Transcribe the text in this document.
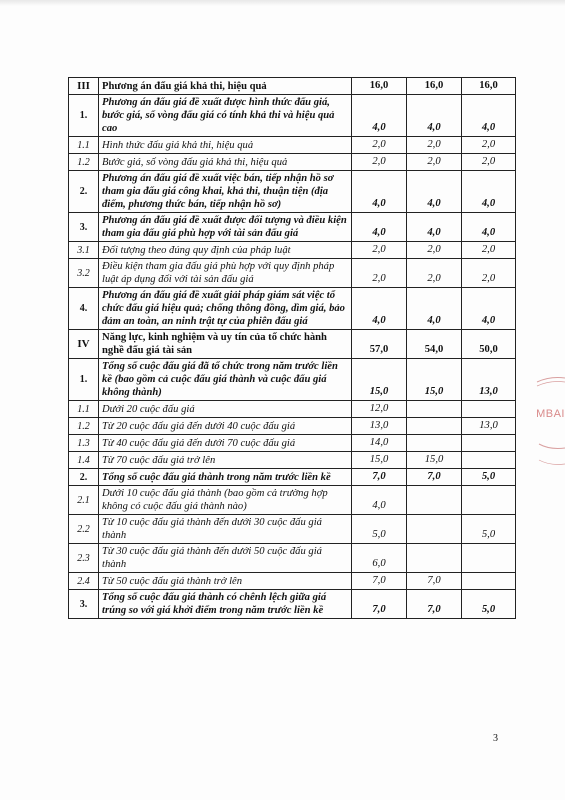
III	Phương án đấu giá khả thi, hiệu quả	16,0	16,0	16,0
1.	Phương án đấu giá đề xuất được hình thức đấu giá, bước giá, số vòng đấu giá có tính khả thi và hiệu quả cao	4,0	4,0	4,0
1.1	Hình thức đấu giá khả thi, hiệu quả	2,0	2,0	2,0
1.2	Bước giá, số vòng đấu giá khả thi, hiệu quả	2,0	2,0	2,0
2.	Phương án đấu giá đề xuất việc bán, tiếp nhận hồ sơ tham gia đấu giá công khai, khả thi, thuận tiện (địa điểm, phương thức bán, tiếp nhận hồ sơ)	4,0	4,0	4,0
3.	Phương án đấu giá đề xuất được đối tượng và điều kiện tham gia đấu giá phù hợp với tài sản đấu giá	4,0	4,0	4,0
3.1	Đối tượng theo đúng quy định của pháp luật	2,0	2,0	2,0
3.2	Điều kiện tham gia đấu giá phù hợp với quy định pháp luật áp dụng đối với tài sản đấu giá	2,0	2,0	2,0
4.	Phương án đấu giá đề xuất giải pháp giám sát việc tổ chức đấu giá hiệu quả; chống thông đồng, dìm giá, bảo đảm an toàn, an ninh trật tự của phiên đấu giá	4,0	4,0	4,0
IV	Năng lực, kinh nghiệm và uy tín của tổ chức hành nghề đấu giá tài sản	57,0	54,0	50,0
1.	Tổng số cuộc đấu giá đã tổ chức trong năm trước liền kề (bao gồm cả cuộc đấu giá thành và cuộc đấu giá không thành)	15,0	15,0	13,0
1.1	Dưới 20 cuộc đấu giá	12,0		
1.2	Từ 20 cuộc đấu giá đến dưới 40 cuộc đấu giá	13,0		13,0
1.3	Từ 40 cuộc đấu giá đến dưới 70 cuộc đấu giá	14,0		
1.4	Từ 70 cuộc đấu giá trở lên	15,0	15,0	
2.	Tổng số cuộc đấu giá thành trong năm trước liền kề	7,0	7,0	5,0
2.1	Dưới 10 cuộc đấu giá thành (bao gồm cả trường hợp không có cuộc đấu giá thành nào)	4,0		
2.2	Từ 10 cuộc đấu giá thành đến dưới 30 cuộc đấu giá thành	5,0		5,0
2.3	Từ 30 cuộc đấu giá thành đến dưới 50 cuộc đấu giá thành	6,0		
2.4	Từ 50 cuộc đấu giá thành trở lên	7,0	7,0	
3.	Tổng số cuộc đấu giá thành có chênh lệch giữa giá trúng so với giá khởi điểm trong năm trước liền kề	7,0	7,0	5,0
MBAI
3
